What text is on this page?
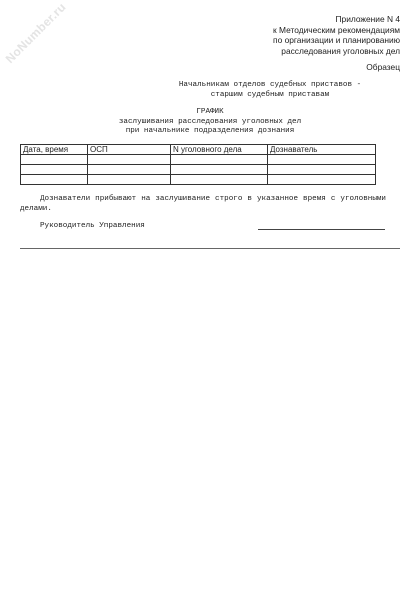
NoNumber.ru	Приложение N 4
к Методическим рекомендациям
по организации и планированию
расследования уголовных дел
Образец
Начальникам отделов судебных приставов -
старшим судебным приставам
ГРАФИК
заслушивания расследования уголовных дел
при начальнике подразделения дознания
Дата, время	ОСП	N уголовного дела	Дознаватель

Дознаватели прибывают на заслушивание строго в указанное время с уголовными делами.
Руководитель Управления
